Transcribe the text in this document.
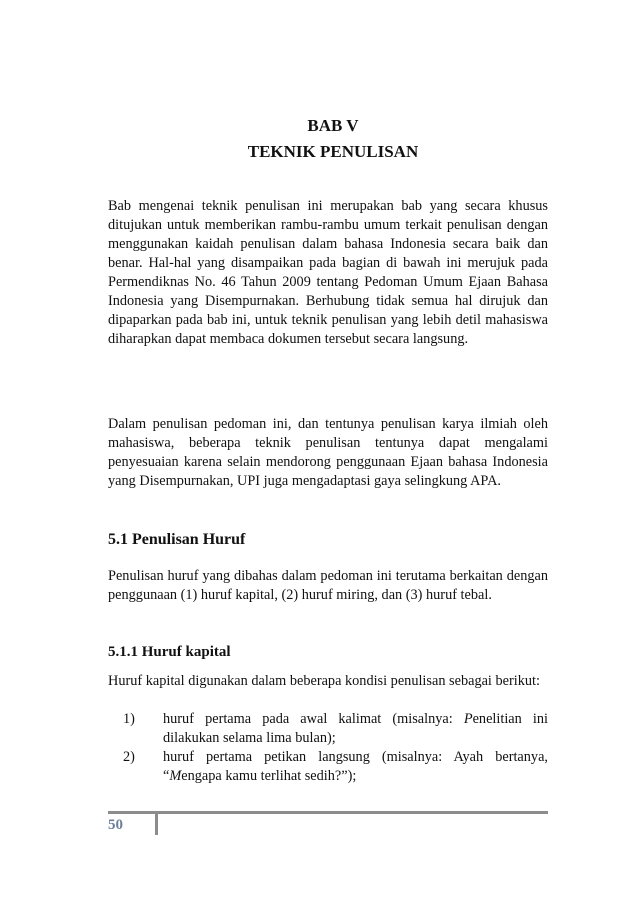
BAB V
TEKNIK PENULISAN

Bab mengenai teknik penulisan ini merupakan bab yang secara khusus ditujukan untuk memberikan rambu-rambu umum terkait penulisan dengan menggunakan kaidah penulisan dalam bahasa Indonesia secara baik dan benar. Hal-hal yang disampaikan pada bagian di bawah ini merujuk pada Permendiknas No. 46 Tahun 2009 tentang Pedoman Umum Ejaan Bahasa Indonesia yang Disempurnakan. Berhubung tidak semua hal dirujuk dan dipaparkan pada bab ini, untuk teknik penulisan yang lebih detil mahasiswa diharapkan dapat membaca dokumen tersebut secara langsung.

Dalam penulisan pedoman ini, dan tentunya penulisan karya ilmiah oleh mahasiswa, beberapa teknik penulisan tentunya dapat mengalami penyesuaian karena selain mendorong penggunaan Ejaan bahasa Indonesia yang Disempurnakan, UPI juga mengadaptasi gaya selingkung APA.

5.1 Penulisan Huruf

Penulisan huruf yang dibahas dalam pedoman ini terutama berkaitan dengan penggunaan (1) huruf kapital, (2) huruf miring, dan (3) huruf tebal.

5.1.1 Huruf kapital

Huruf kapital digunakan dalam beberapa kondisi penulisan sebagai berikut:

1) huruf pertama pada awal kalimat (misalnya: Penelitian ini dilakukan selama lima bulan);
2) huruf pertama petikan langsung (misalnya: Ayah bertanya, “Mengapa kamu terlihat sedih?”);
50
